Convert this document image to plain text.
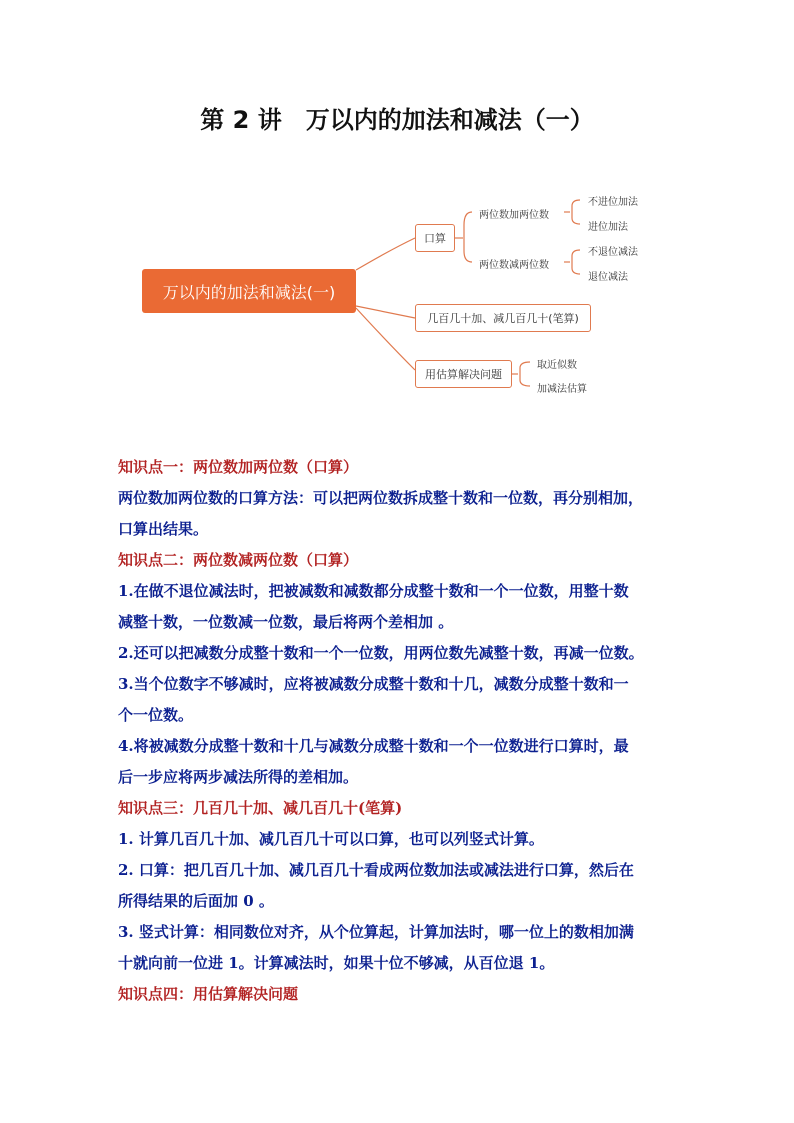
第 2 讲　万以内的加法和减法（一）
万以内的加法和减法(一)
口算
两位数加两位数
两位数减两位数
不进位加法
进位加法
不退位减法
退位减法
几百几十加、减几百几十(笔算)
用估算解决问题
取近似数
加减法估算

知识点一：两位数加两位数（口算）

两位数加两位数的口算方法：可以把两位数拆成整十数和一位数，再分别相加，

口算出结果。

知识点二：两位数减两位数（口算）

1.在做不退位减法时，把被减数和减数都分成整十数和一个一位数，用整十数

减整十数，一位数减一位数，最后将两个差相加 。

2.还可以把减数分成整十数和一个一位数，用两位数先减整十数，再减一位数。

3.当个位数字不够减时，应将被减数分成整十数和十几，减数分成整十数和一

个一位数。

4.将被减数分成整十数和十几与减数分成整十数和一个一位数进行口算时，最

后一步应将两步减法所得的差相加。

知识点三：几百几十加、减几百几十(笔算)

1. 计算几百几十加、减几百几十可以口算，也可以列竖式计算。

2. 口算：把几百几十加、减几百几十看成两位数加法或减法进行口算，然后在

所得结果的后面加 0 。

3. 竖式计算：相同数位对齐，从个位算起，计算加法时，哪一位上的数相加满

十就向前一位进 1。计算减法时，如果十位不够减，从百位退 1。

知识点四：用估算解决问题
